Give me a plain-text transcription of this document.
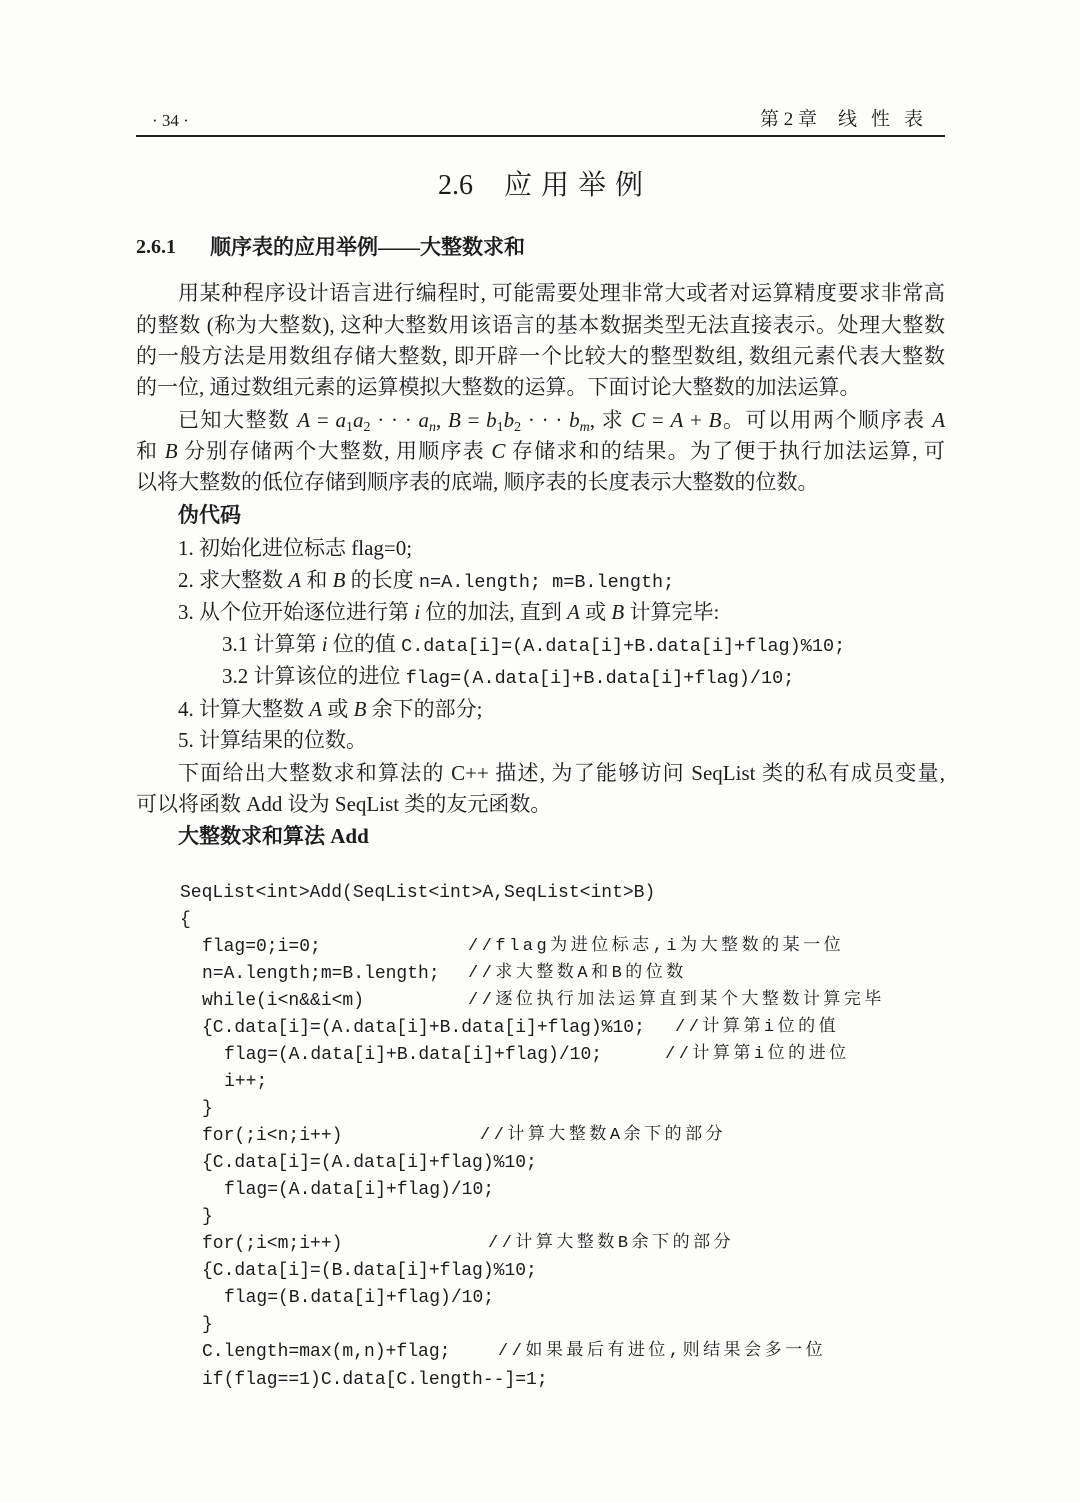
· 34 ·	第 2 章 线性表
2.6 应用举例
2.6.1 顺序表的应用举例——大整数求和
用某种程序设计语言进行编程时, 可能需要处理非常大或者对运算精度要求非常高
的整数 (称为大整数), 这种大整数用该语言的基本数据类型无法直接表示。处理大整数
的一般方法是用数组存储大整数, 即开辟一个比较大的整型数组, 数组元素代表大整数
的一位, 通过数组元素的运算模拟大整数的运算。下面讨论大整数的加法运算。
已知大整数 $A = a_1a_2$ · · · $a_n$, $B = b_1b_2$ · · · $b_m$, 求 C = A + B。可以用两个顺序表 A
和 B 分别存储两个大整数, 用顺序表 C 存储求和的结果。为了便于执行加法运算, 可
以将大整数的低位存储到顺序表的底端, 顺序表的长度表示大整数的位数。
伪代码
1. 初始化进位标志 flag=0;
2. 求大整数 A 和 B 的长度 n=A.length; m=B.length;
3. 从个位开始逐位进行第 i 位的加法, 直到 A 或 B 计算完毕:
3.1 计算第 i 位的值 C.data[i]=(A.data[i]+B.data[i]+flag)%10;
3.2 计算该位的进位 flag=(A.data[i]+B.data[i]+flag)/10;
4. 计算大整数 A 或 B 余下的部分;
5. 计算结果的位数。
下面给出大整数求和算法的 C++ 描述, 为了能够访问 SeqList 类的私有成员变量,
可以将函数 Add 设为 SeqList 类的友元函数。
大整数求和算法 Add
SeqList<int>Add(SeqList<int>A,SeqList<int>B)
{
flag=0;i=0;	//flag为进位标志,i为大整数的某一位
n=A.length;m=B.length; //求大整数A和B的位数
while(i<n&&i<m)	//逐位执行加法运算直到某个大整数计算完毕
{C.data[i]=(A.data[i]+B.data[i]+flag)%10; //计算第i位的值
flag=(A.data[i]+B.data[i]+flag)/10;	//计算第i位的进位
i++;
}
for(;i<n;i++)	//计算大整数A余下的部分
{C.data[i]=(A.data[i]+flag)%10;
flag=(A.data[i]+flag)/10;
}
for(;i<m;i++)	//计算大整数B余下的部分
{C.data[i]=(B.data[i]+flag)%10;
flag=(B.data[i]+flag)/10;
}
C.length=max(m,n)+flag;	//如果最后有进位,则结果会多一位
if(flag==1)C.data[C.length--]=1;
